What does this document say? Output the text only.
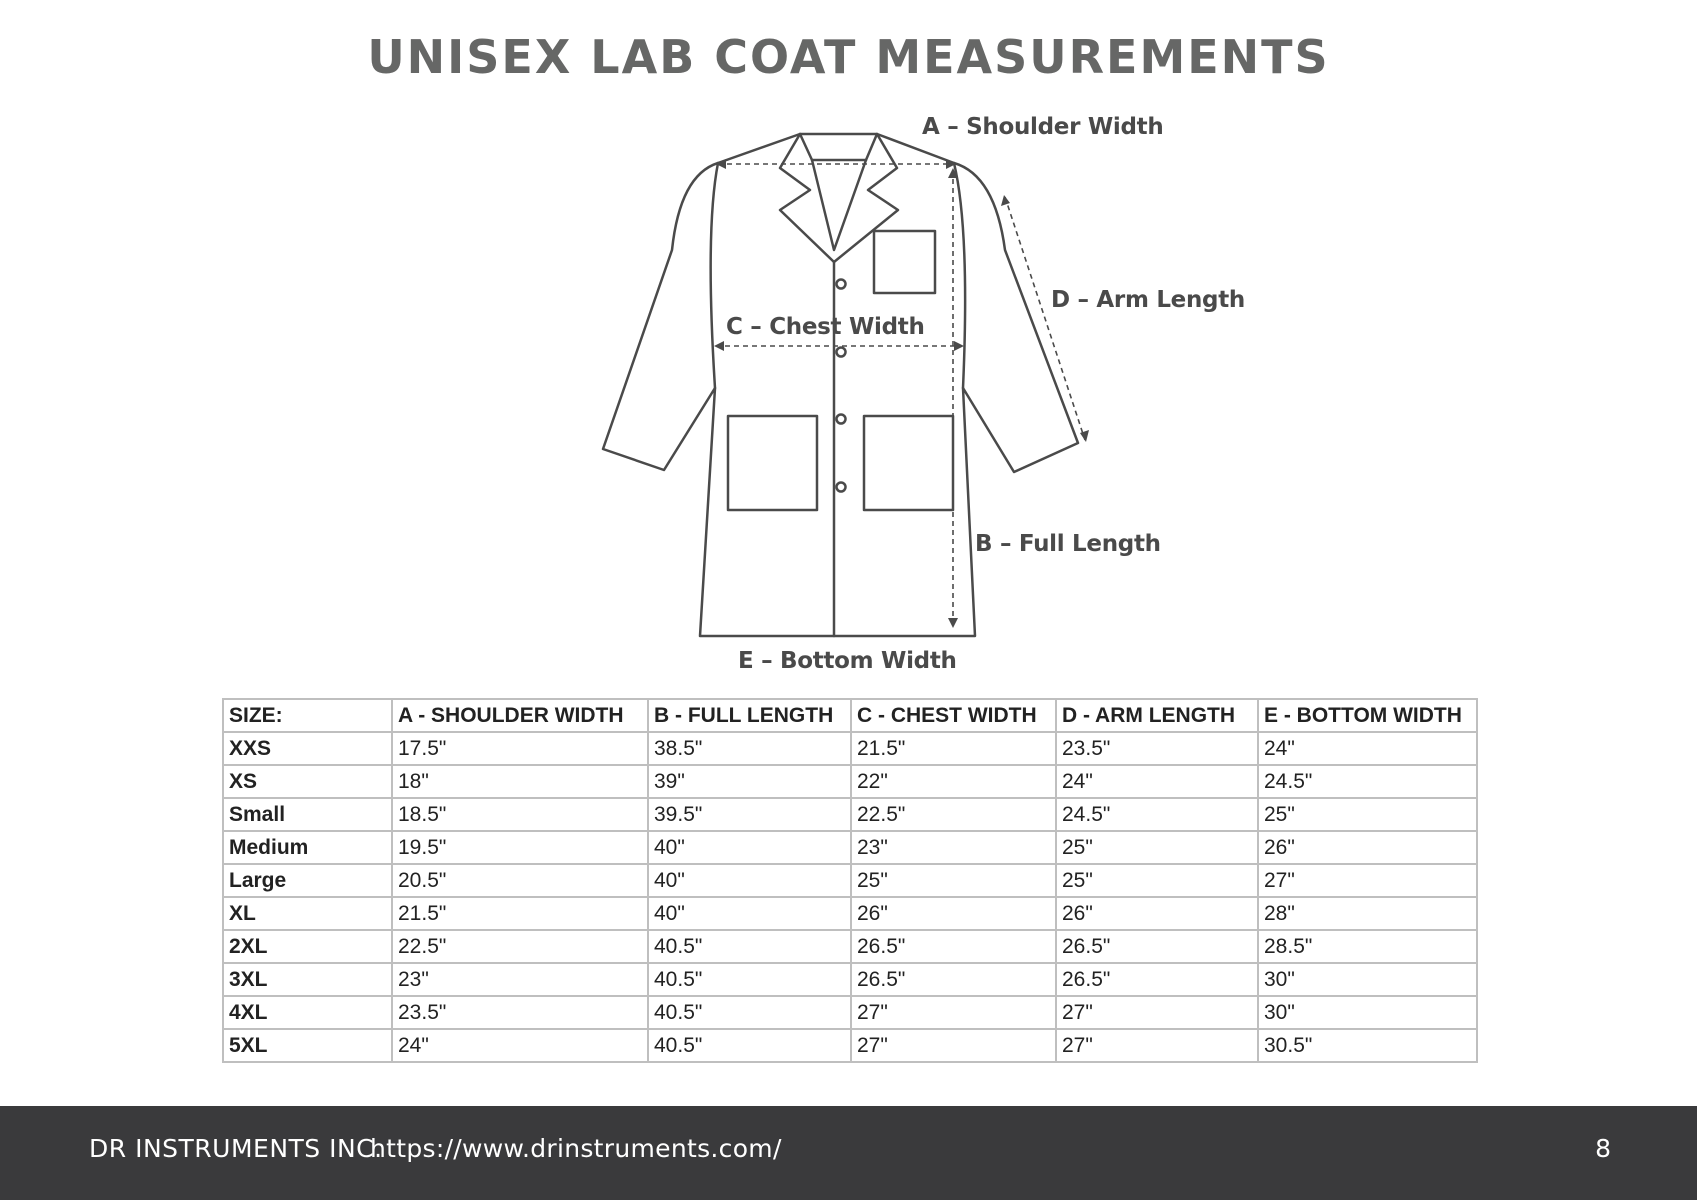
UNISEX LAB COAT MEASUREMENTS
A – Shoulder Width
D – Arm Length
C – Chest Width
B – Full Length
E – Bottom Width
SIZE:	A - SHOULDER WIDTH	B - FULL LENGTH	C - CHEST WIDTH	D - ARM LENGTH	E - BOTTOM WIDTH
XXS	17.5"	38.5"	21.5"	23.5"	24"
XS	18"	39"	22"	24"	24.5"
Small	18.5"	39.5"	22.5"	24.5"	25"
Medium	19.5"	40"	23"	25"	26"
Large	20.5"	40"	25"	25"	27"
XL	21.5"	40"	26"	26"	28"
2XL	22.5"	40.5"	26.5"	26.5"	28.5"
3XL	23"	40.5"	26.5"	26.5"	30"
4XL	23.5"	40.5"	27"	27"	30"
5XL	24"	40.5"	27"	27"	30.5"
DR INSTRUMENTS INC.
https://www.drinstruments.com/	8
